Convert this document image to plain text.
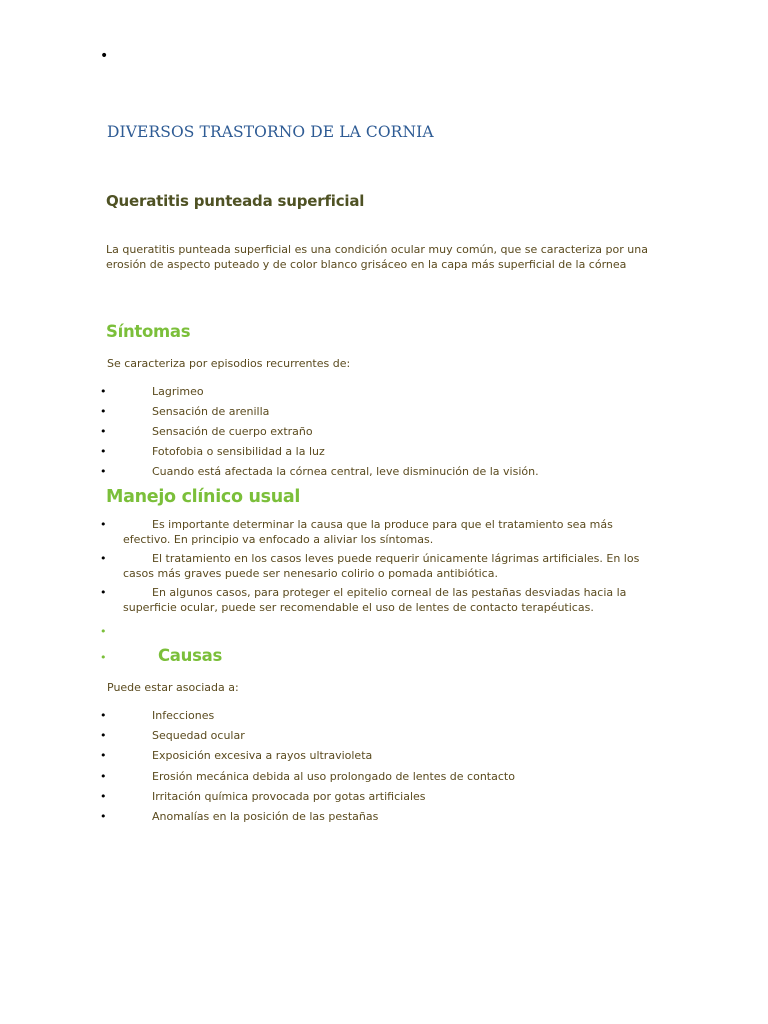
•
DIVERSOS TRASTORNO DE LA CORNIA
Queratitis punteada superficial

La queratitis punteada superficial es una condición ocular muy común, que se caracteriza por una erosión de aspecto puteado y de color blanco grisáceo en la capa más superficial de la córnea

Síntomas

Se caracteriza por episodios recurrentes de:

•	Lagrimeo
•	Sensación de arenilla
•	Sensación de cuerpo extraño
•	Fotofobia o sensibilidad a la luz
•	Cuando está afectada la córnea central, leve disminución de la visión.
Manejo clínico usual
•	Es importante determinar la causa que la produce para que el tratamiento sea más efectivo. En principio va enfocado a aliviar los síntomas.
•	El tratamiento en los casos leves puede requerir únicamente lágrimas artificiales. En los casos más graves puede ser nenesario colirio o pomada antibiótica.
•	En algunos casos, para proteger el epitelio corneal de las pestañas desviadas hacia la superficie ocular, puede ser recomendable el uso de lentes de contacto terapéuticas.
•
•	Causas

Puede estar asociada a:

•	Infecciones
•	Sequedad ocular
•	Exposición excesiva a rayos ultravioleta
•	Erosión mecánica debida al uso prolongado de lentes de contacto
•	Irritación química provocada por gotas artificiales
•	Anomalías en la posición de las pestañas
